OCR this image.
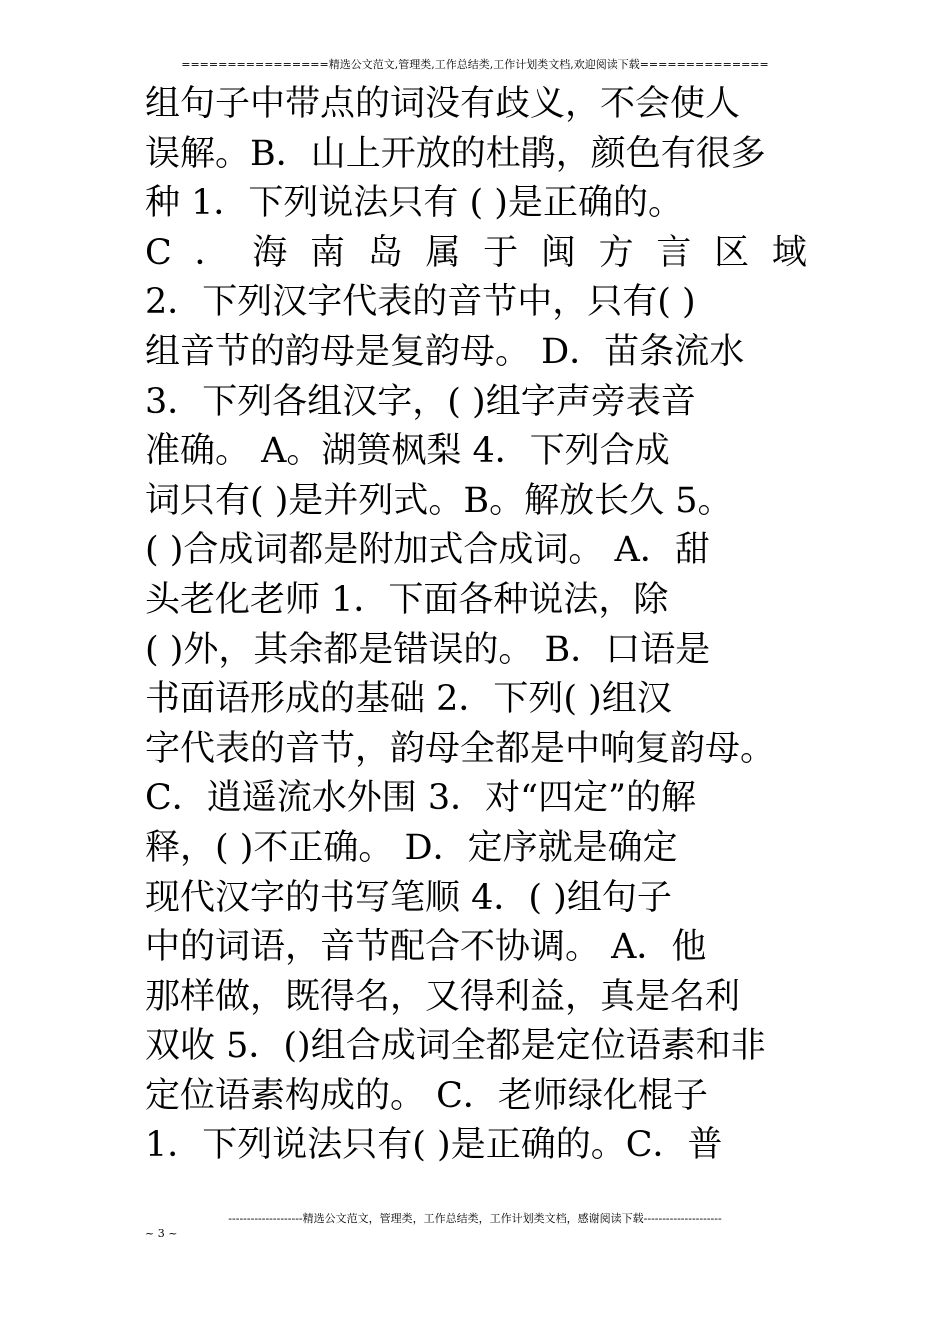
================精选公文范文,管理类,工作总结类,工作计划类文档,欢迎阅读下载==============
组句子中带点的词没有歧义，不会使人
误解。B．山上开放的杜鹃，颜色有很多
种 1．下列说法只有 ( )是正确的。
C ． 海 南 岛 属 于 闽 方 言 区 域
2．下列汉字代表的音节中，只有( )
组音节的韵母是复韵母。 D．苗条流水
3．下列各组汉字，( )组字声旁表音
准确。 A。湖篑枫梨 4．下列合成
词只有( )是并列式。B。解放长久 5。
( )合成词都是附加式合成词。 A．甜
头老化老师 1．下面各种说法，除
( )外，其余都是错误的。 B．口语是
书面语形成的基础 2．下列( )组汉
字代表的音节，韵母全都是中响复韵母。
C．逍遥流水外围 3．对“四定”的解
释，( )不正确。 D．定序就是确定
现代汉字的书写笔顺 4．( )组句子
中的词语，音节配合不协调。 A．他
那样做，既得名，又得利益，真是名利
双收 5．()组合成词全都是定位语素和非
定位语素构成的。 C．老师绿化棍子
1．下列说法只有( )是正确的。C．普
--------------------精选公文范文，管理类，工作总结类，工作计划类文档，感谢阅读下载---------------------
~ 3 ~
